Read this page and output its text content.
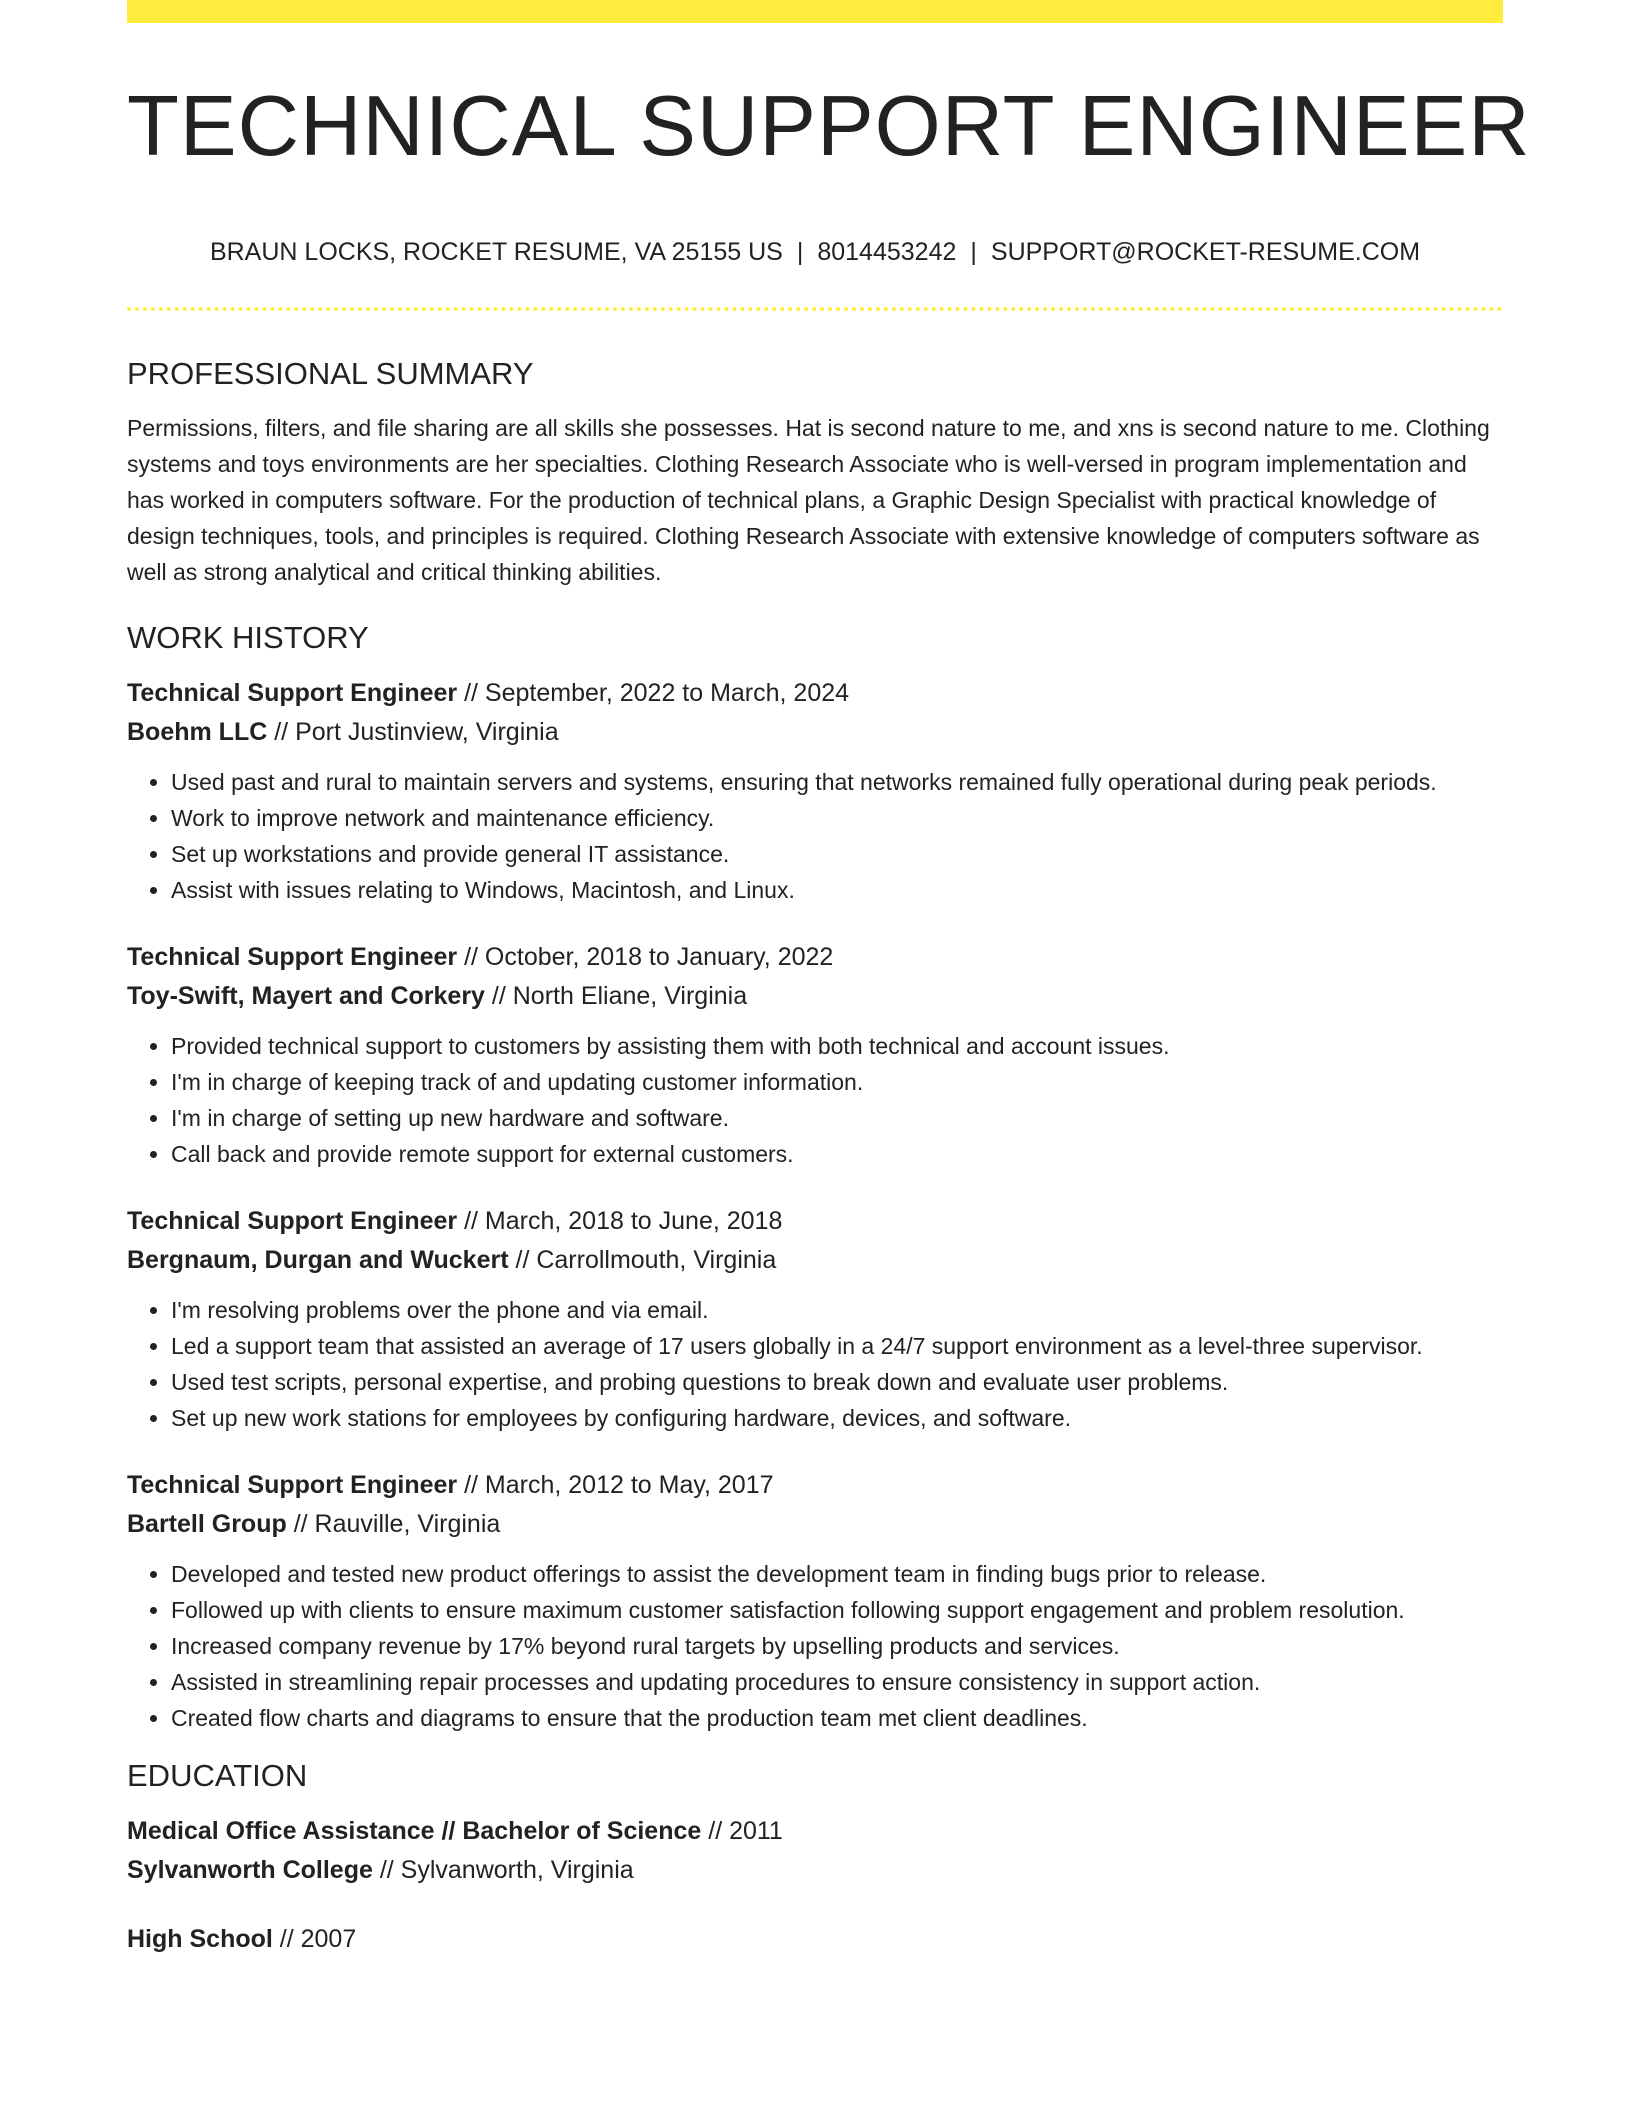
TECHNICAL SUPPORT ENGINEER
BRAUN LOCKS, ROCKET RESUME, VA 25155 US | 8014453242 | SUPPORT@ROCKET-RESUME.COM
PROFESSIONAL SUMMARY

Permissions, filters, and file sharing are all skills she possesses. Hat is second nature to me, and xns is second nature to me. Clothing systems and toys environments are her specialties. Clothing Research Associate who is well-versed in program implementation and has worked in computers software. For the production of technical plans, a Graphic Design Specialist with practical knowledge of design techniques, tools, and principles is required. Clothing Research Associate with extensive knowledge of computers software as well as strong analytical and critical thinking abilities.

WORK HISTORY
Technical Support Engineer // September, 2022 to March, 2024
Boehm LLC // Port Justinview, Virginia
• Used past and rural to maintain servers and systems, ensuring that networks remained fully operational during peak periods.
• Work to improve network and maintenance efficiency.
• Set up workstations and provide general IT assistance.
• Assist with issues relating to Windows, Macintosh, and Linux.
Technical Support Engineer // October, 2018 to January, 2022
Toy-Swift, Mayert and Corkery // North Eliane, Virginia
• Provided technical support to customers by assisting them with both technical and account issues.
• I'm in charge of keeping track of and updating customer information.
• I'm in charge of setting up new hardware and software.
• Call back and provide remote support for external customers.
Technical Support Engineer // March, 2018 to June, 2018
Bergnaum, Durgan and Wuckert // Carrollmouth, Virginia
• I'm resolving problems over the phone and via email.
• Led a support team that assisted an average of 17 users globally in a 24/7 support environment as a level-three supervisor.
• Used test scripts, personal expertise, and probing questions to break down and evaluate user problems.
• Set up new work stations for employees by configuring hardware, devices, and software.
Technical Support Engineer // March, 2012 to May, 2017
Bartell Group // Rauville, Virginia
• Developed and tested new product offerings to assist the development team in finding bugs prior to release.
• Followed up with clients to ensure maximum customer satisfaction following support engagement and problem resolution.
• Increased company revenue by 17% beyond rural targets by upselling products and services.
• Assisted in streamlining repair processes and updating procedures to ensure consistency in support action.
• Created flow charts and diagrams to ensure that the production team met client deadlines.
EDUCATION
Medical Office Assistance // Bachelor of Science // 2011
Sylvanworth College // Sylvanworth, Virginia
High School // 2007
